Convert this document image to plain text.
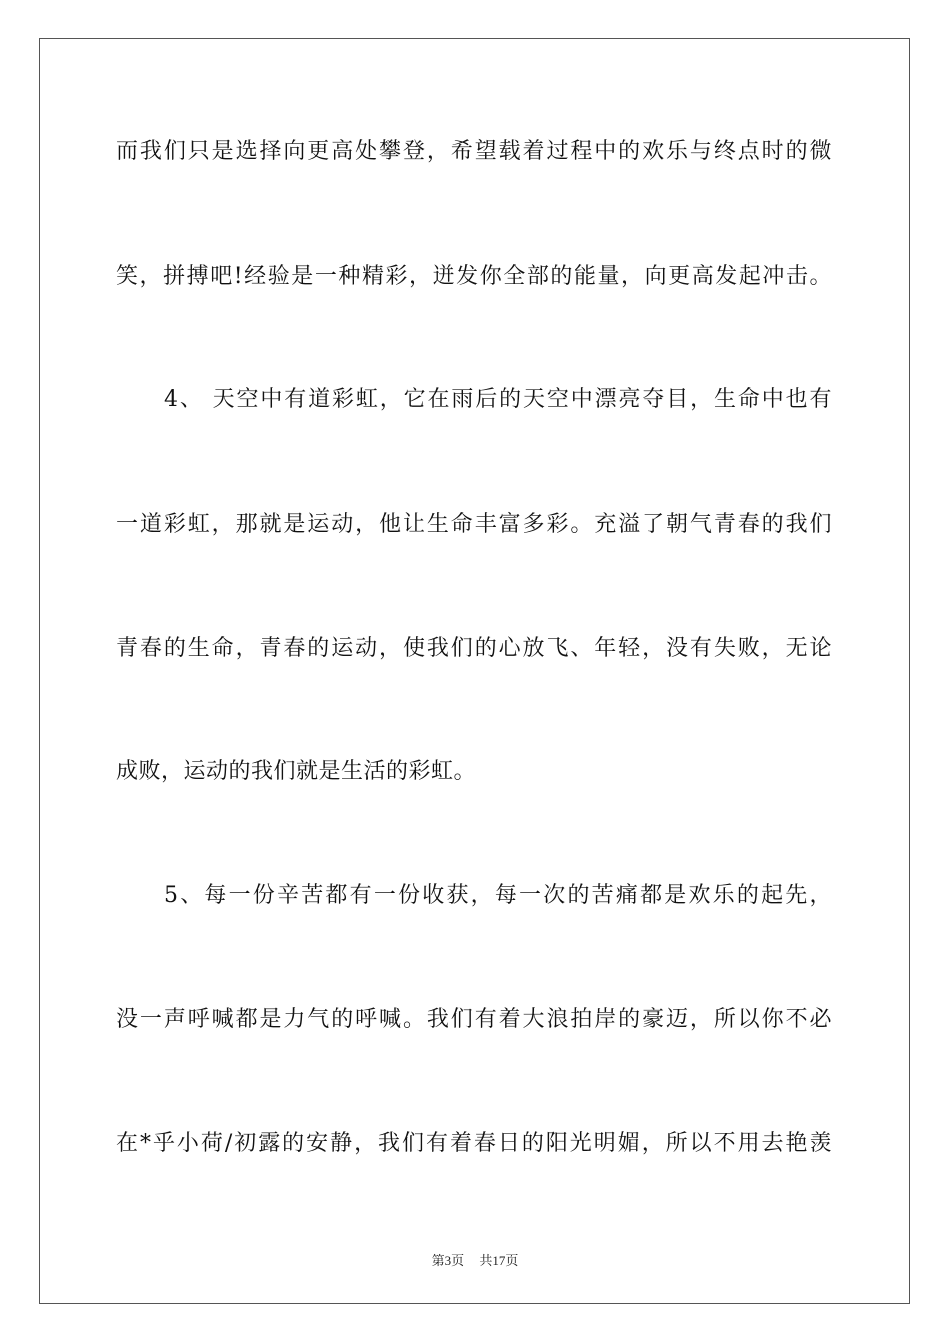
而我们只是选择向更高处攀登，希望载着过程中的欢乐与终点时的微
笑，拼搏吧!经验是一种精彩，迸发你全部的能量，向更高发起冲击。
4、 天空中有道彩虹，它在雨后的天空中漂亮夺目，生命中也有
一道彩虹，那就是运动，他让生命丰富多彩。充溢了朝气青春的我们
青春的生命，青春的运动，使我们的心放飞、年轻，没有失败，无论
成败，运动的我们就是生活的彩虹。
5、每一份辛苦都有一份收获，每一次的苦痛都是欢乐的起先，
没一声呼喊都是力气的呼喊。我们有着大浪拍岸的豪迈，所以你不必
在*乎小荷/初露的安静，我们有着春日的阳光明媚，所以不用去艳羡
第3页 共17页
